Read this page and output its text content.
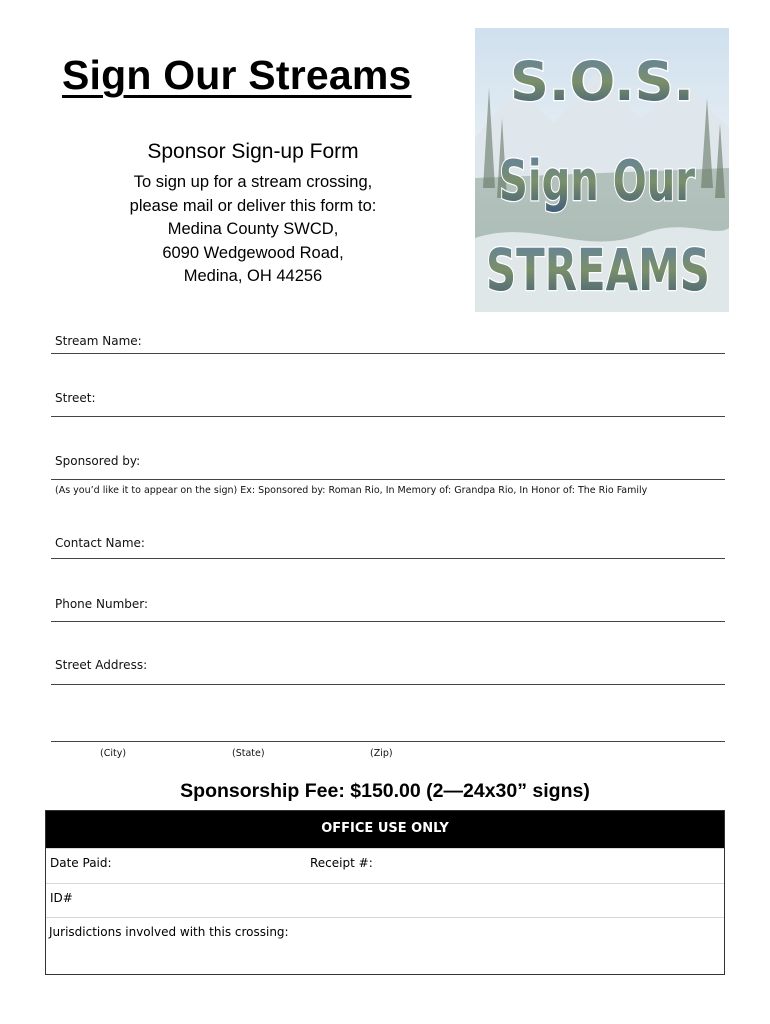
Sign Our Streams
Sponsor Sign-up Form
To sign up for a stream crossing,
please mail or deliver this form to:
Medina County SWCD,
6090 Wedgewood Road,
Medina, OH 44256
S.O.S.
Sign Our
STREAMS
Stream Name:
Street:
Sponsored by:
(As you’d like it to appear on the sign) Ex: Sponsored by: Roman Rio, In Memory of: Grandpa Rio, In Honor of: The Rio Family
Contact Name:
Phone Number:
Street Address:
(City)	(State)	(Zip)
Sponsorship Fee: $150.00 (2—24x30” signs)
OFFICE USE ONLY
Date Paid:	Receipt #:
ID#
Jurisdictions involved with this crossing:
